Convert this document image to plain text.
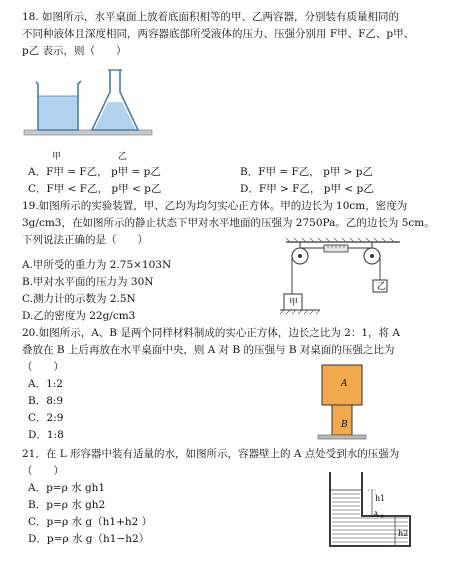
18. 如图所示，水平桌面上放着底面积相等的甲、乙两容器，分别装有质量相同的
不同种液体且深度相同，两容器底部所受液体的压力、压强分别用 F甲、F乙、p甲、
p乙 表示，则（　　）
甲	乙
A．F甲 = F乙， p甲 = p乙	B．F甲 = F乙， p甲 > p乙
C．F甲 < F乙， p甲 < p乙	D．F甲 > F乙， p甲 < p乙
19.如图所示的实验装置，甲、乙均为均匀实心正方体。甲的边长为 10cm，密度为
3g/cm3，在如图所示的静止状态下甲对水平地面的压强为 2750Pa。乙的边长为 5cm。
下列说法正确的是（　　）
甲
乙
A.甲所受的重力为 2.75×103N
B.甲对水平面的压力为 30N
C.测力计的示数为 2.5N
D.乙的密度为 22g/cm3
20.如图所示，A、B 是两个同样材料制成的实心正方体，边长之比为 2：1，将 A
叠放在 B 上后再放在水平桌面中央，则 A 对 B 的压强与 B 对桌面的压强之比为
（　　）
A
B
A．1:2
B．8:9
C．2:9
D．1:8
21．在 L 形容器中装有适量的水，如图所示，容器壁上的 A 点处受到水的压强为
（　　）
h1
A
h2
A．p=ρ 水 gh1
B．p=ρ 水 gh2
C．p=ρ 水 g（h1+h2 ）
D．p=ρ 水 g（h1−h2）
